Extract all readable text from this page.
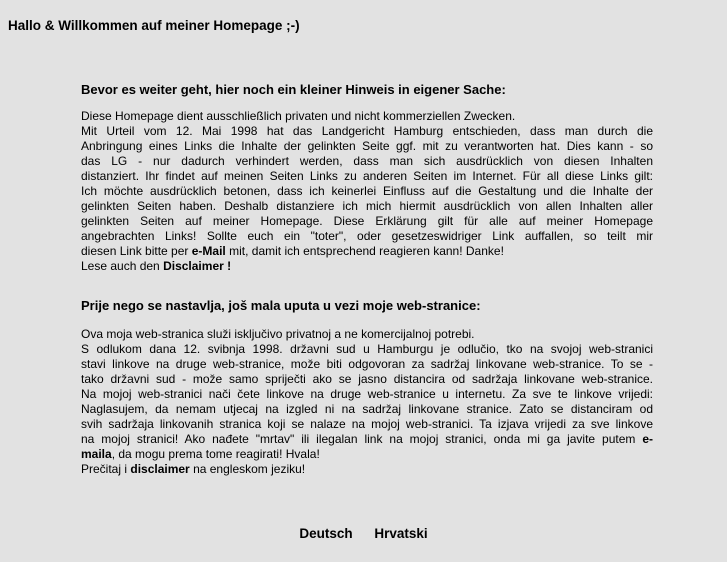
Hallo & Willkommen auf meiner Homepage ;-)
Bevor es weiter geht, hier noch ein kleiner Hinweis in eigener Sache:
Diese Homepage dient ausschließlich privaten und nicht kommerziellen Zwecken.
Mit Urteil vom 12. Mai 1998 hat das Landgericht Hamburg entschieden, dass man durch die
Anbringung eines Links die Inhalte der gelinkten Seite ggf. mit zu verantworten hat. Dies kann - so
das LG - nur dadurch verhindert werden, dass man sich ausdrücklich von diesen Inhalten
distanziert. Ihr findet auf meinen Seiten Links zu anderen Seiten im Internet. Für all diese Links gilt:
Ich möchte ausdrücklich betonen, dass ich keinerlei Einfluss auf die Gestaltung und die Inhalte der
gelinkten Seiten haben. Deshalb distanziere ich mich hiermit ausdrücklich von allen Inhalten aller
gelinkten Seiten auf meiner Homepage. Diese Erklärung gilt für alle auf meiner Homepage
angebrachten Links! Sollte euch ein "toter", oder gesetzeswidriger Link auffallen, so teilt mir
diesen Link bitte per e-Mail mit, damit ich entsprechend reagieren kann! Danke!
Lese auch den Disclaimer !
Prije nego se nastavlja, još mala uputa u vezi moje web-stranice:
Ova moja web-stranica služi isključivo privatnoj a ne komercijalnoj potrebi.
S odlukom dana 12. svibnja 1998. državni sud u Hamburgu je odlučio, tko na svojoj web-stranici
stavi linkove na druge web-stranice, može biti odgovoran za sadržaj linkovane web-stranice. To se -
tako državni sud - može samo spriječti ako se jasno distancira od sadržaja linkovane web-stranice.
Na mojoj web-stranici nači čete linkove na druge web-stranice u internetu. Za sve te linkove vrijedi:
Naglasujem, da nemam utjecaj na izgled ni na sadržaj linkovane stranice. Zato se distanciram od
svih sadržaja linkovanih stranica koji se nalaze na mojoj web-stranici. Ta izjava vrijedi za sve linkove
na mojoj stranici! Ako nađete "mrtav" ili ilegalan link na mojoj stranici, onda mi ga javite putem e-
maila, da mogu prema tome reagirati! Hvala!
Prečitaj i disclaimer na engleskom jeziku!
Deutsch Hrvatski
